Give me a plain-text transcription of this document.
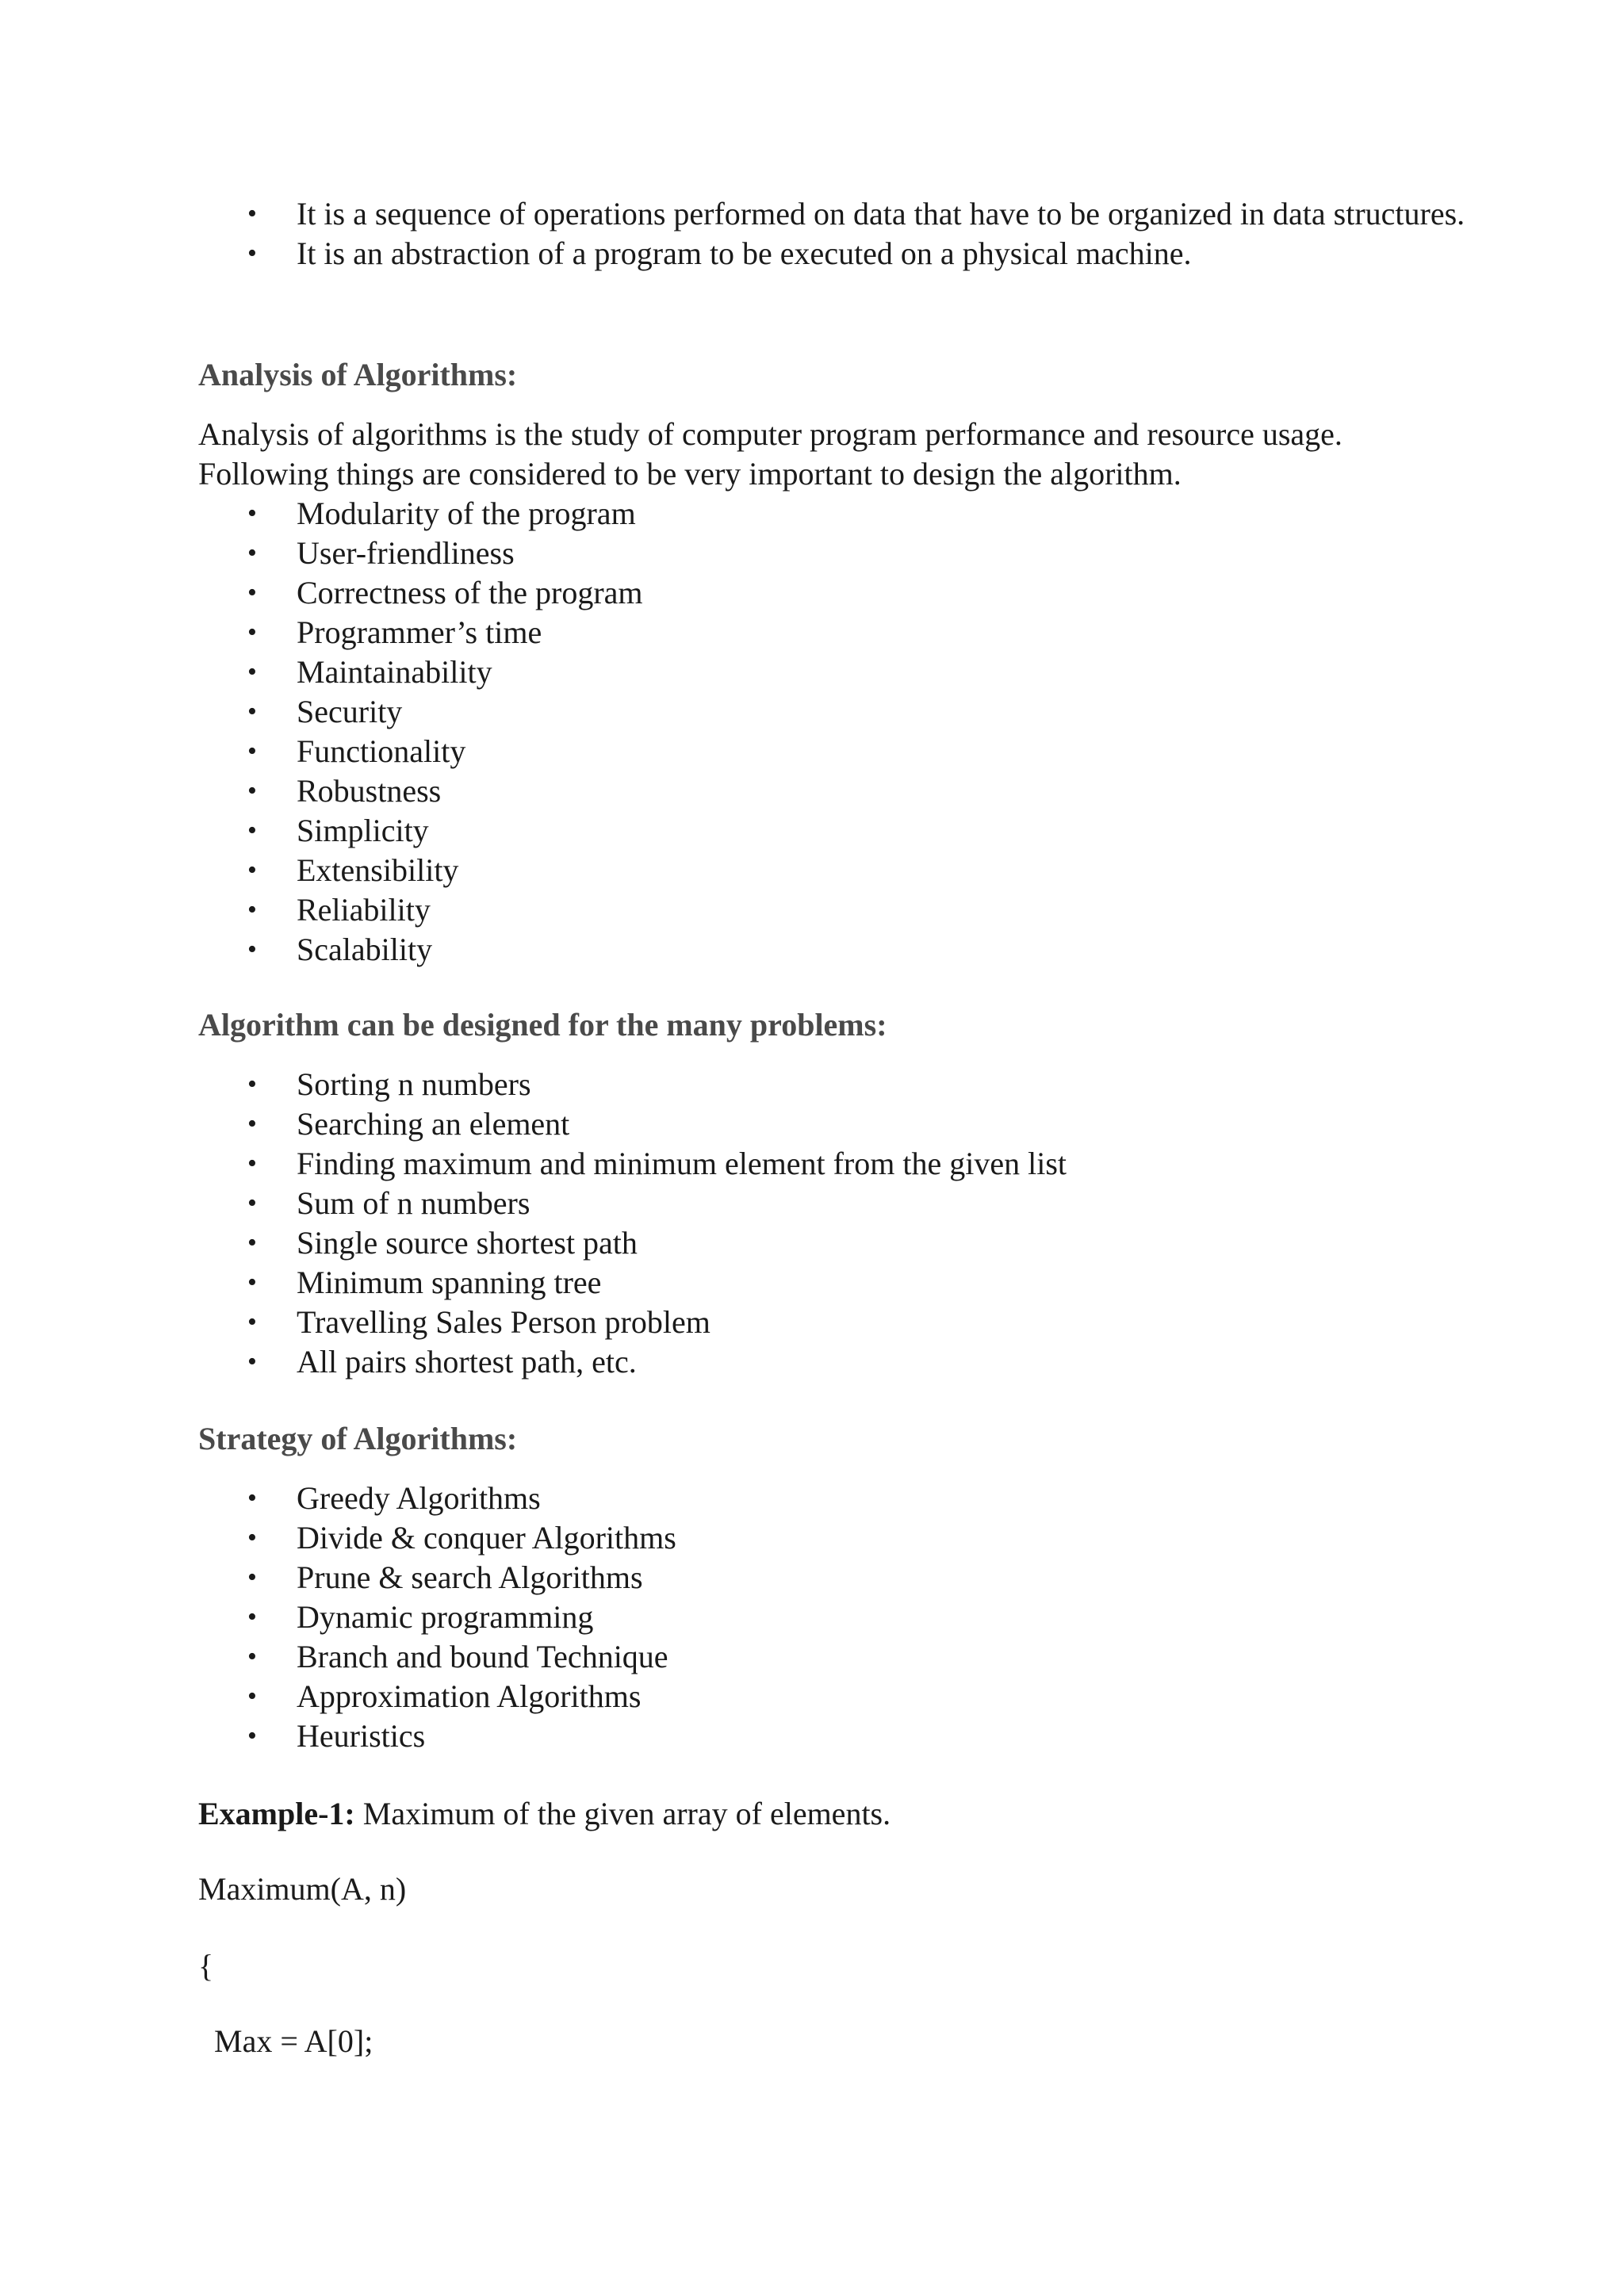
• It is a sequence of operations performed on data that have to be organized in data structures.
• It is an abstraction of a program to be executed on a physical machine.
Analysis of Algorithms:
Analysis of algorithms is the study of computer program performance and resource usage.
Following things are considered to be very important to design the algorithm.
• Modularity of the program
• User-friendliness
• Correctness of the program
• Programmer’s time
• Maintainability
• Security
• Functionality
• Robustness
• Simplicity
• Extensibility
• Reliability
• Scalability
Algorithm can be designed for the many problems:
• Sorting n numbers
• Searching an element
• Finding maximum and minimum element from the given list
• Sum of n numbers
• Single source shortest path
• Minimum spanning tree
• Travelling Sales Person problem
• All pairs shortest path, etc.
Strategy of Algorithms:
• Greedy Algorithms
• Divide & conquer Algorithms
• Prune & search Algorithms
• Dynamic programming
• Branch and bound Technique
• Approximation Algorithms
• Heuristics
Example-1: Maximum of the given array of elements.
Maximum(A, n)
{
Max = A[0];
